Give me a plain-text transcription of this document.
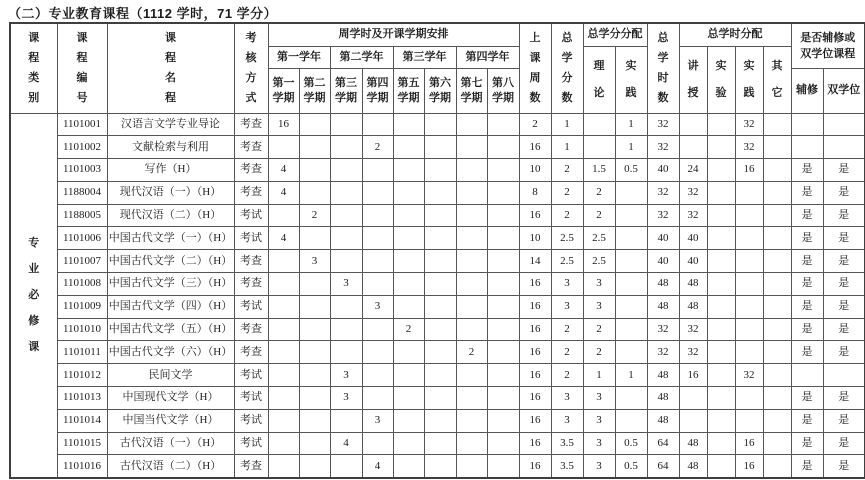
（二）专业教育课程（1112 学时，71 学分）
课程类别	课程编号	课程名程	考核方式	周学时及开课学期安排								上课周数	总学分数	总学分分配		总学时数	总学时分配				是否辅修或双学位课程	
				第一学年		第二学年		第三学年		第四学年				理论	实践		讲授	实验	实践	其它		
				第一学期	第二学期	第三学期	第四学期	第五学期	第六学期	第七学期	第八学期										辅修	双学位
专业必修课	1101001	汉语言文学专业导论	考查	16								2	1		1	32			32			
	1101002	文献检索与利用	考查				2					16	1		1	32			32			
	1101003	写作（H）	考查	4								10	2	1.5	0.5	40	24		16		是	是
	1188004	现代汉语（一）（H）	考查	4								8	2	2		32	32				是	是
	1188005	现代汉语（二）（H）	考试		2							16	2	2		32	32				是	是
	1101006	中国古代文学（一）（H）	考试	4								10	2.5	2.5		40	40				是	是
	1101007	中国古代文学（二）（H）	考查		3							14	2.5	2.5		40	40				是	是
	1101008	中国古代文学（三）（H）	考查			3						16	3	3		48	48				是	是
	1101009	中国古代文学（四）（H）	考试				3					16	3	3		48	48				是	是
	1101010	中国古代文学（五）（H）	考查					2				16	2	2		32	32				是	是
	1101011	中国古代文学（六）（H）	考查							2		16	2	2		32	32				是	是
	1101012	民间文学	考试			3						16	2	1	1	48	16		32			
	1101013	中国现代文学（H）	考试			3						16	3	3		48					是	是
	1101014	中国当代文学（H）	考试				3					16	3	3		48					是	是
	1101015	古代汉语（一）（H）	考试			4						16	3.5	3	0.5	64	48		16		是	是
	1101016	古代汉语（二）（H）	考查				4					16	3.5	3	0.5	64	48		16		是	是
